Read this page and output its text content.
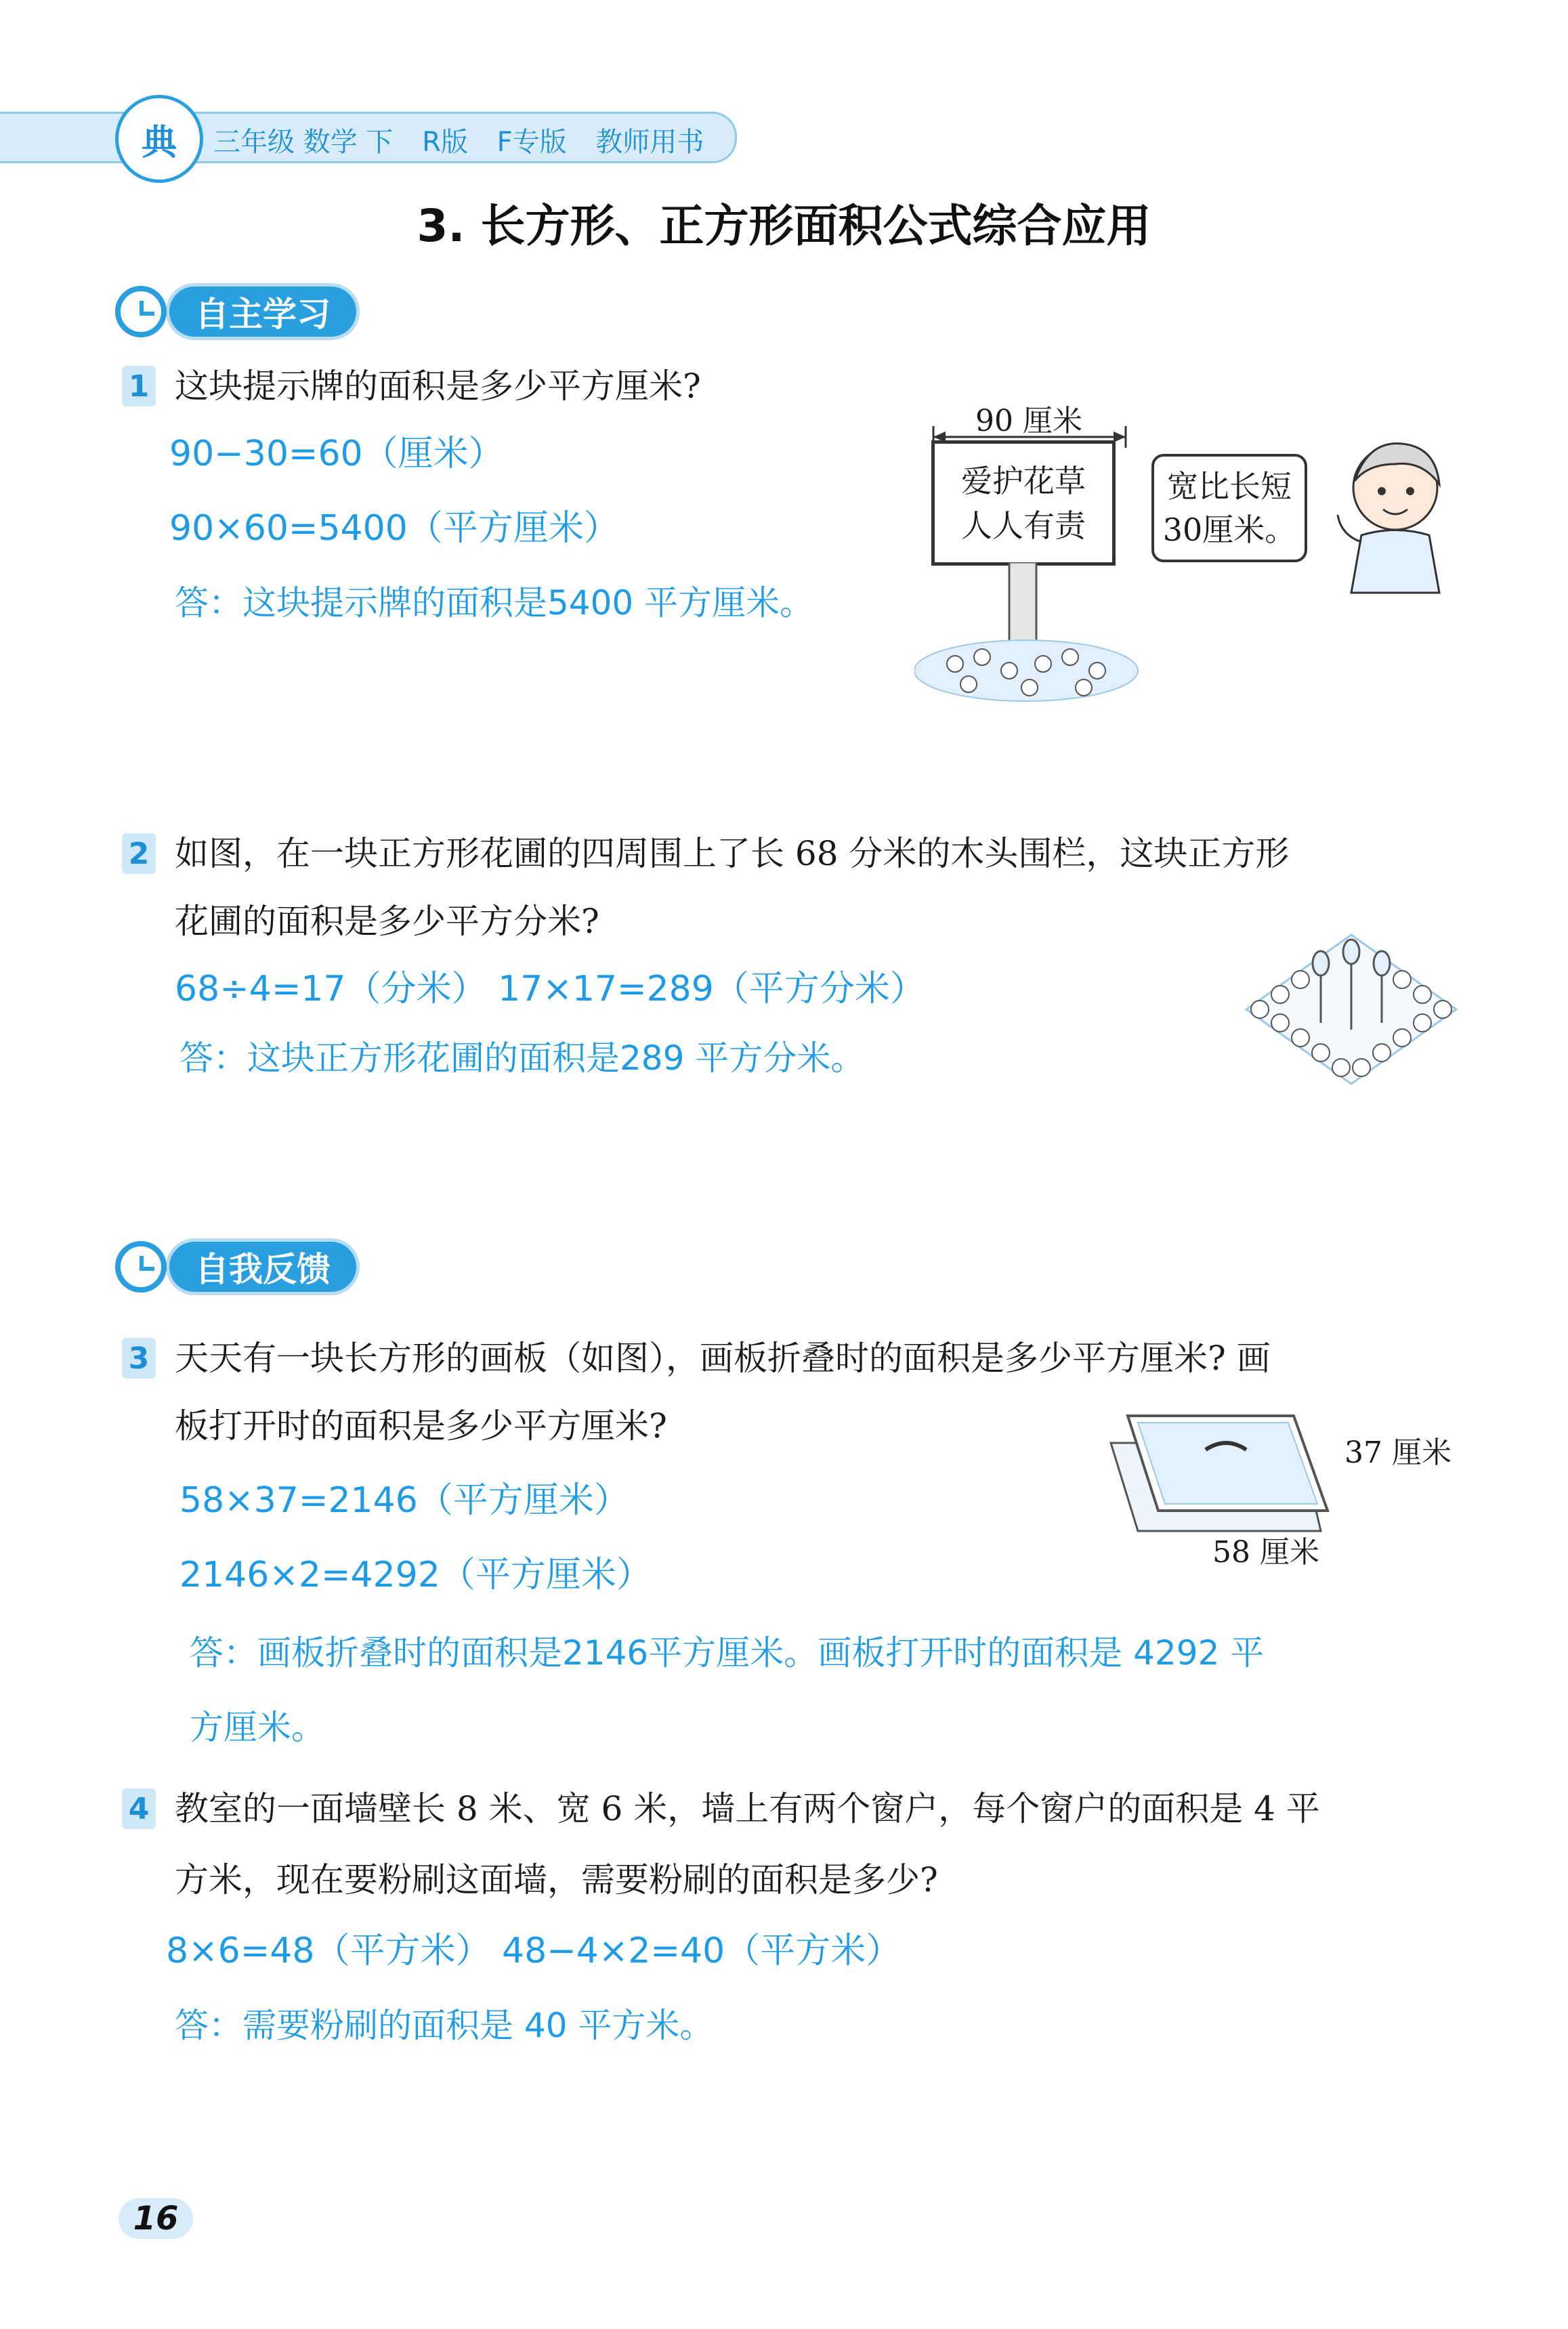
典	三年级 数学 下 R版 F专版 教师用书
3. 长方形、正方形面积公式综合应用
自主学习
1 这块提示牌的面积是多少平方厘米?
90−30=60（厘米）
90×60=5400（平方厘米）
答：这块提示牌的面积是5400 平方厘米。
90 厘米
爱护花草
人人有责
宽比长短
30厘米。
2 如图，在一块正方形花圃的四周围上了长 68 分米的木头围栏，这块正方形
花圃的面积是多少平方分米?
68÷4=17（分米） 17×17=289（平方分米）
答：这块正方形花圃的面积是289 平方分米。
自我反馈
3 天天有一块长方形的画板（如图），画板折叠时的面积是多少平方厘米? 画
板打开时的面积是多少平方厘米?
58×37=2146（平方厘米）
2146×2=4292（平方厘米）
答：画板折叠时的面积是2146平方厘米。画板打开时的面积是 4292 平
方厘米。
37 厘米
58 厘米
4 教室的一面墙壁长 8 米、宽 6 米，墙上有两个窗户，每个窗户的面积是 4 平
方米，现在要粉刷这面墙，需要粉刷的面积是多少?
8×6=48（平方米） 48−4×2=40（平方米）
答：需要粉刷的面积是 40 平方米。
16
